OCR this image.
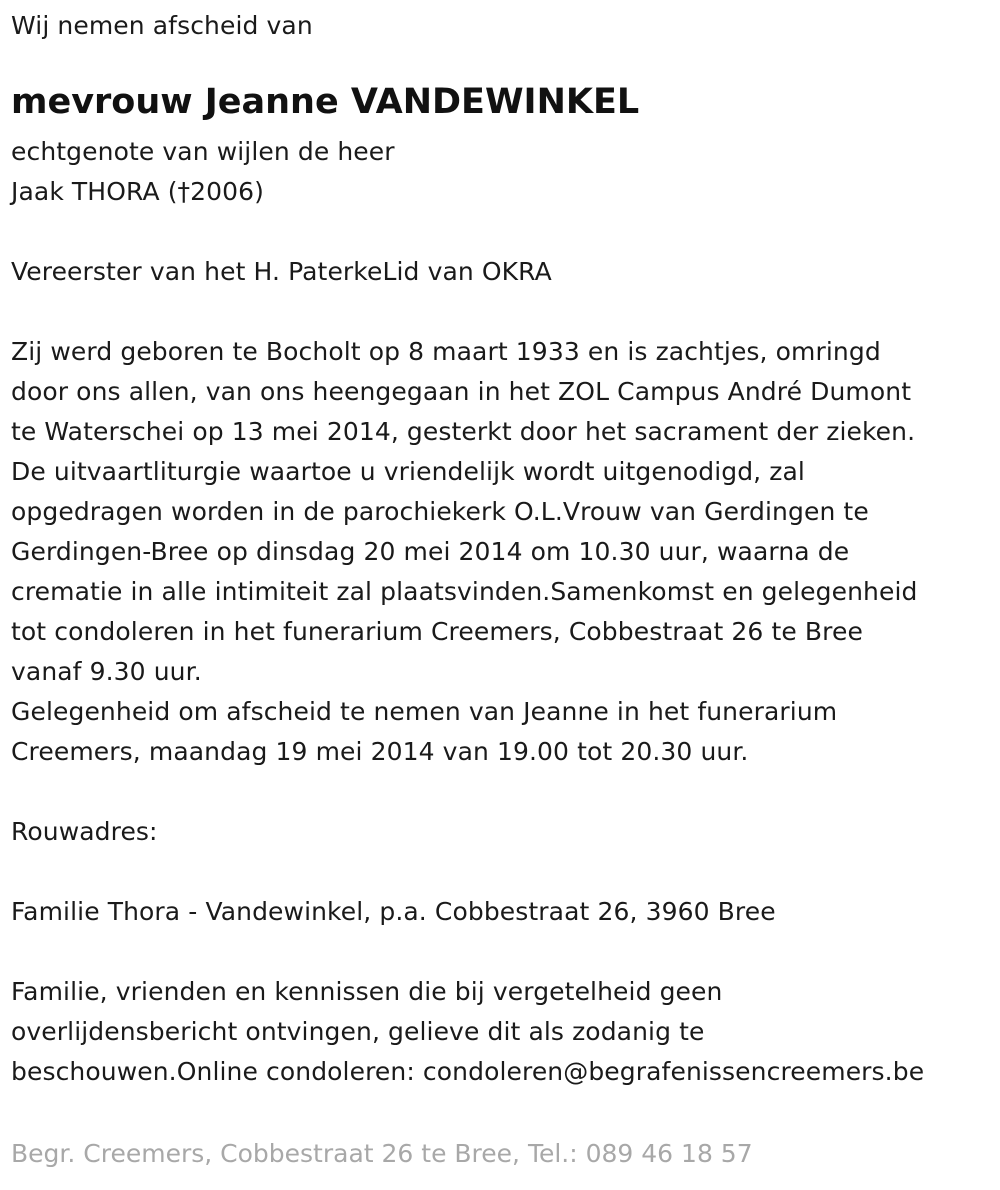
Wij nemen afscheid van
mevrouw Jeanne VANDEWINKEL
echtgenote van wijlen de heer
Jaak THORA (†2006)
Vereerster van het H. PaterkeLid van OKRA
Zij werd geboren te Bocholt op 8 maart 1933 en is zachtjes, omringd
door ons allen, van ons heengegaan in het ZOL Campus André Dumont
te Waterschei op 13 mei 2014, gesterkt door het sacrament der zieken.
De uitvaartliturgie waartoe u vriendelijk wordt uitgenodigd, zal
opgedragen worden in de parochiekerk O.L.Vrouw van Gerdingen te
Gerdingen-Bree op dinsdag 20 mei 2014 om 10.30 uur, waarna de
crematie in alle intimiteit zal plaatsvinden.Samenkomst en gelegenheid
tot condoleren in het funerarium Creemers, Cobbestraat 26 te Bree
vanaf 9.30 uur.
Gelegenheid om afscheid te nemen van Jeanne in het funerarium
Creemers, maandag 19 mei 2014 van 19.00 tot 20.30 uur.
Rouwadres:
Familie Thora - Vandewinkel, p.a. Cobbestraat 26, 3960 Bree
Familie, vrienden en kennissen die bij vergetelheid geen
overlijdensbericht ontvingen, gelieve dit als zodanig te
beschouwen.Online condoleren: condoleren@begrafenissencreemers.be
Begr. Creemers, Cobbestraat 26 te Bree, Tel.: 089 46 18 57
